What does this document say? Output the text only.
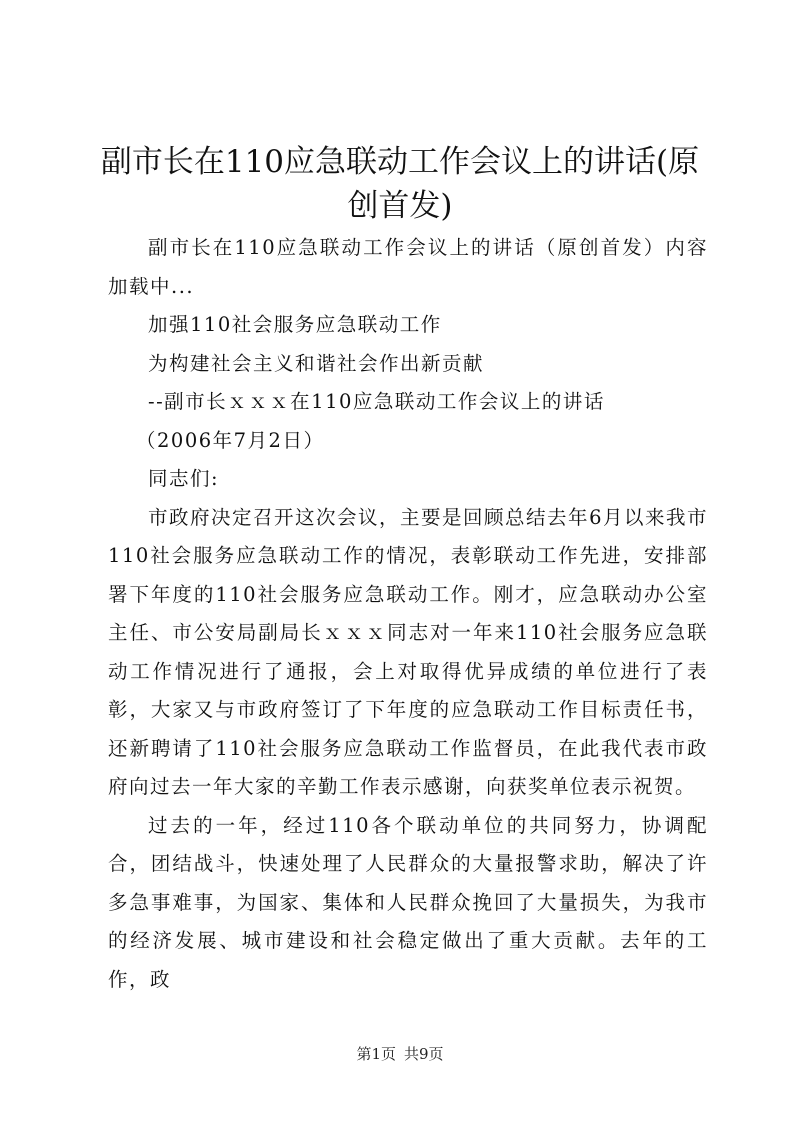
副市长在110应急联动工作会议上的讲话(原创首发)

副市长在110应急联动工作会议上的讲话（原创首发）内容加载中...

加强110社会服务应急联动工作

为构建社会主义和谐社会作出新贡献

--副市长ｘｘｘ在110应急联动工作会议上的讲话

（2006年7月2日）

同志们:

市政府决定召开这次会议，主要是回顾总结去年6月以来我市110社会服务应急联动工作的情况，表彰联动工作先进，安排部署下年度的110社会服务应急联动工作。刚才，应急联动办公室主任、市公安局副局长ｘｘｘ同志对一年来110社会服务应急联动工作情况进行了通报，会上对取得优异成绩的单位进行了表彰，大家又与市政府签订了下年度的应急联动工作目标责任书，还新聘请了110社会服务应急联动工作监督员，在此我代表市政府向过去一年大家的辛勤工作表示感谢，向获奖单位表示祝贺。

过去的一年，经过110各个联动单位的共同努力，协调配合，团结战斗，快速处理了人民群众的大量报警求助，解决了许多急事难事，为国家、集体和人民群众挽回了大量损失，为我市的经济发展、城市建设和社会稳定做出了重大贡献。去年的工作，政

第1页 共9页
